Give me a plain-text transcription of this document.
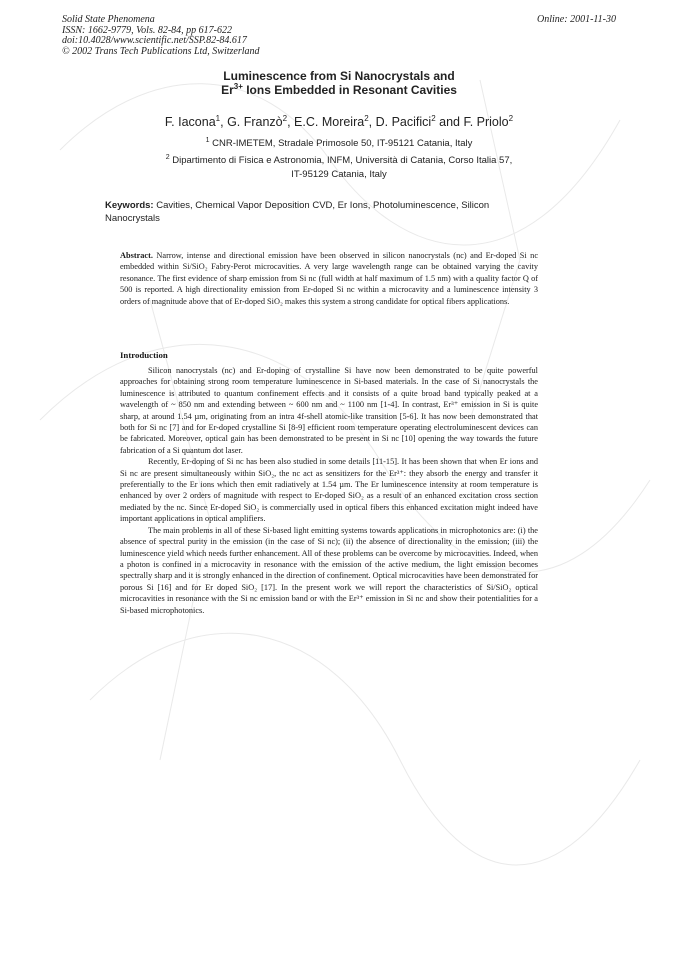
Solid State Phenomena
ISSN: 1662-9779, Vols. 82-84, pp 617-622
doi:10.4028/www.scientific.net/SSP.82-84.617
© 2002 Trans Tech Publications Ltd, Switzerland
Online: 2001-11-30
Luminescence from Si Nanocrystals and
$Er^{3+}$ Ions Embedded in Resonant Cavities
F. Iacona$^1$, G. Franzò$^2$, E.C. Moreira$^2$, D. Pacifici$^2$ and F. Priolo$^2$
$^1$ CNR-IMETEM, Stradale Primosole 50, IT-95121 Catania, Italy
$^2$ Dipartimento di Fisica e Astronomia, INFM, Università di Catania, Corso Italia 57,
IT-95129 Catania, Italy
Keywords: Cavities, Chemical Vapor Deposition CVD, Er Ions, Photoluminescence, Silicon Nanocrystals

Abstract. Narrow, intense and directional emission have been observed in silicon nanocrystals (nc) and Er-doped Si nc embedded within Si/SiO₂ Fabry-Perot microcavities. A very large wavelength range can be obtained varying the cavity resonance. The first evidence of sharp emission from Si nc (full width at half maximum of 1.5 nm) with a quality factor Q of 500 is reported. A high directionality emission from Er-doped Si nc within a microcavity and a luminescence intensity 3 orders of magnitude above that of Er-doped SiO₂ makes this system a strong candidate for optical fibers applications.

Introduction

Silicon nanocrystals (nc) and Er-doping of crystalline Si have now been demonstrated to be quite powerful approaches for obtaining strong room temperature luminescence in Si-based materials. In the case of Si nanocrystals the luminescence is attributed to quantum confinement effects and it consists of a quite broad band typically peaked at a wavelength of ~ 850 nm and extending between ~ 600 nm and ~ 1100 nm [1-4]. In contrast, Er³⁺ emission in Si is quite sharp, at around 1.54 µm, originating from an intra 4f-shell atomic-like transition [5-6]. It has now been demonstrated that both for Si nc [7] and for Er-doped crystalline Si [8-9] efficient room temperature operating electroluminescent devices can be fabricated. Moreover, optical gain has been demonstrated to be present in Si nc [10] opening the way towards the future fabrication of a Si quantum dot laser.

Recently, Er-doping of Si nc has been also studied in some details [11-15]. It has been shown that when Er ions and Si nc are present simultaneously within SiO₂, the nc act as sensitizers for the Er³⁺: they absorb the energy and transfer it preferentially to the Er ions which then emit radiatively at 1.54 µm. The Er luminescence intensity at room temperature is enhanced by over 2 orders of magnitude with respect to Er-doped SiO₂ as a result of an enhanced excitation cross section mediated by the nc. Since Er-doped SiO₂ is commercially used in optical fibers this enhanced excitation might indeed have important applications in optical amplifiers.

The main problems in all of these Si-based light emitting systems towards applications in microphotonics are: (i) the absence of spectral purity in the emission (in the case of Si nc); (ii) the absence of directionality in the emission; (iii) the luminescence yield which needs further enhancement. All of these problems can be overcome by microcavities. Indeed, when a photon is confined in a microcavity in resonance with the emission of the active medium, the light emission becomes spectrally sharp and it is strongly enhanced in the direction of confinement. Optical microcavities have been demonstrated for porous Si [16] and for Er doped SiO₂ [17]. In the present work we will report the characteristics of Si/SiO₂ optical microcavities in resonance with the Si nc emission band or with the Er³⁺ emission in Si nc and show their potentialities for a Si-based microphotonics.
